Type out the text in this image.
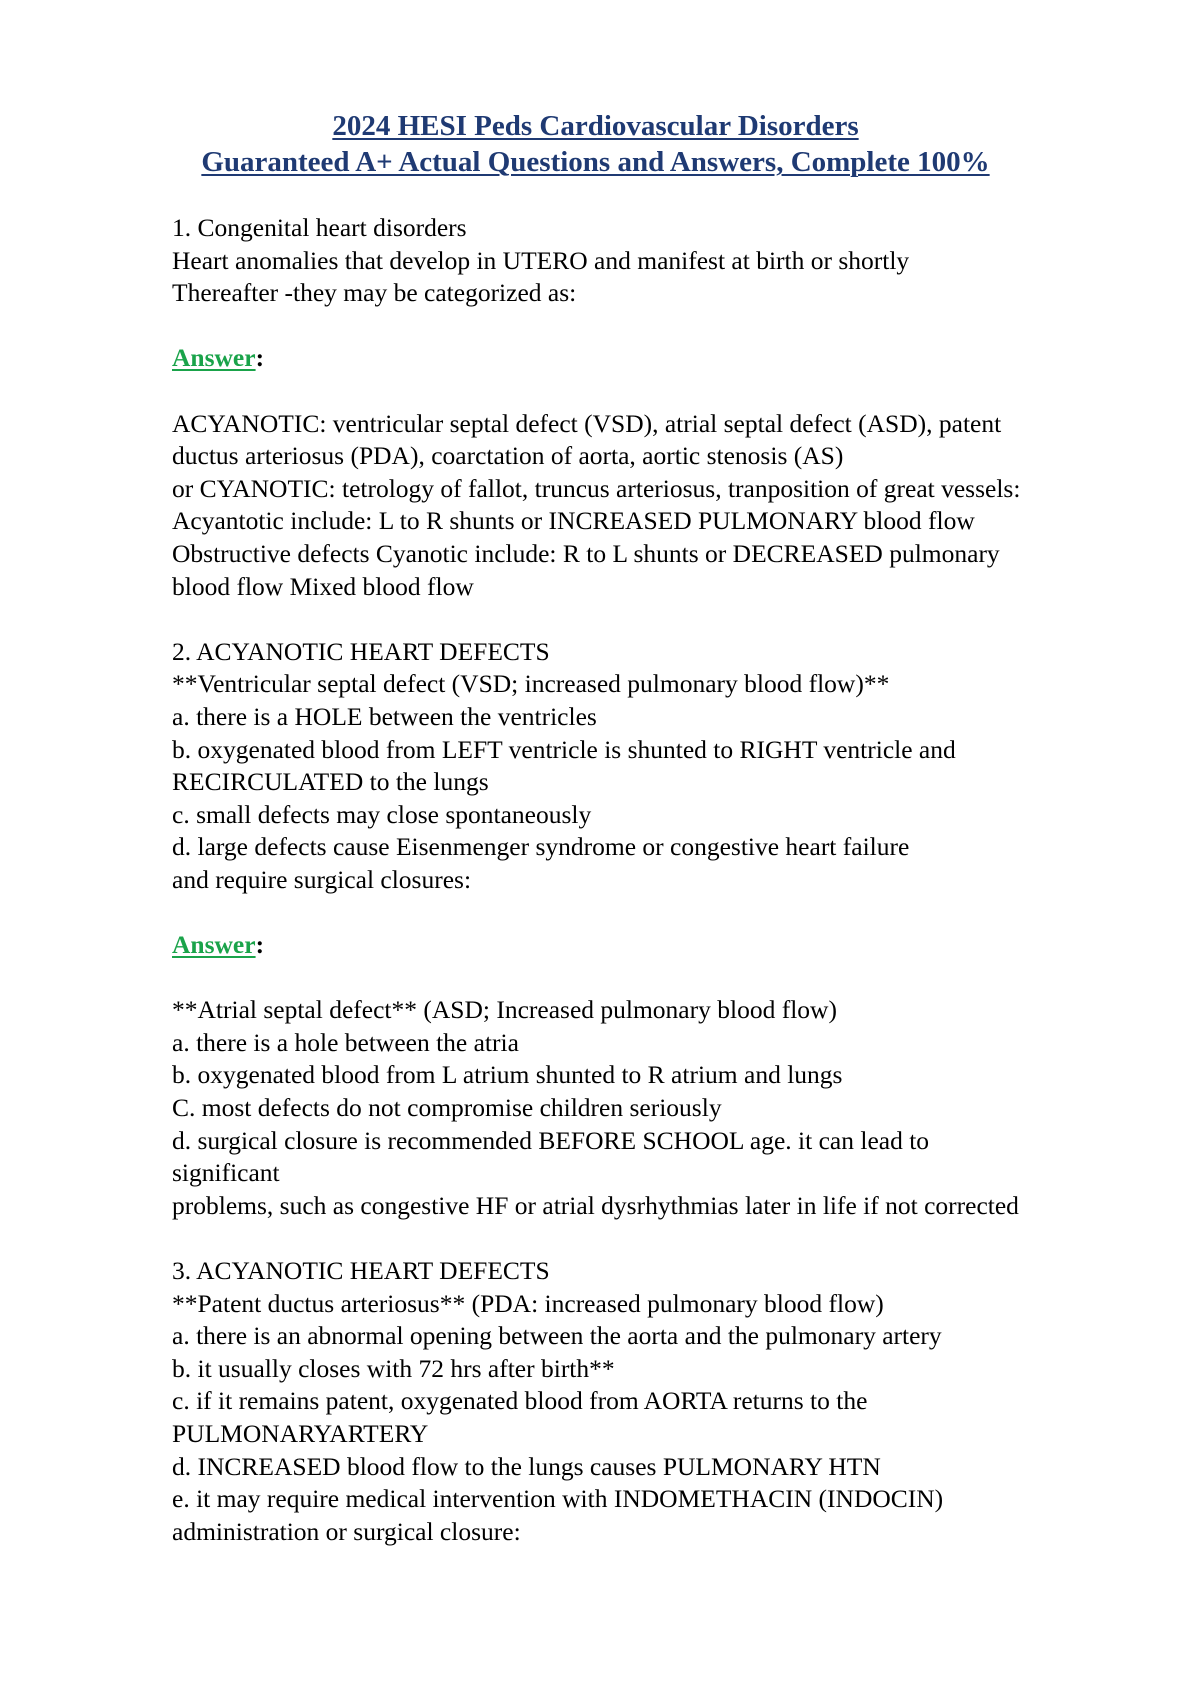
2024 HESI Peds Cardiovascular Disorders
Guaranteed A+ Actual Questions and Answers, Complete 100%
1. Congenital heart disorders
Heart anomalies that develop in UTERO and manifest at birth or shortly
Thereafter -they may be categorized as:
Answer:
ACYANOTIC: ventricular septal defect (VSD), atrial septal defect (ASD), patent
ductus arteriosus (PDA), coarctation of aorta, aortic stenosis (AS)
or CYANOTIC: tetrology of fallot, truncus arteriosus, tranposition of great vessels:
Acyantotic include: L to R shunts or INCREASED PULMONARY blood flow
Obstructive defects Cyanotic include: R to L shunts or DECREASED pulmonary
blood flow Mixed blood flow
2. ACYANOTIC HEART DEFECTS
**Ventricular septal defect (VSD; increased pulmonary blood flow)**
a. there is a HOLE between the ventricles
b. oxygenated blood from LEFT ventricle is shunted to RIGHT ventricle and
RECIRCULATED to the lungs
c. small defects may close spontaneously
d. large defects cause Eisenmenger syndrome or congestive heart failure
and require surgical closures:
Answer:
**Atrial septal defect** (ASD; Increased pulmonary blood flow)
a. there is a hole between the atria
b. oxygenated blood from L atrium shunted to R atrium and lungs
C. most defects do not compromise children seriously
d. surgical closure is recommended BEFORE SCHOOL age. it can lead to
significant
problems, such as congestive HF or atrial dysrhythmias later in life if not corrected
3. ACYANOTIC HEART DEFECTS
**Patent ductus arteriosus** (PDA: increased pulmonary blood flow)
a. there is an abnormal opening between the aorta and the pulmonary artery
b. it usually closes with 72 hrs after birth**
c. if it remains patent, oxygenated blood from AORTA returns to the
PULMONARYARTERY
d. INCREASED blood flow to the lungs causes PULMONARY HTN
e. it may require medical intervention with INDOMETHACIN (INDOCIN)
administration or surgical closure:
